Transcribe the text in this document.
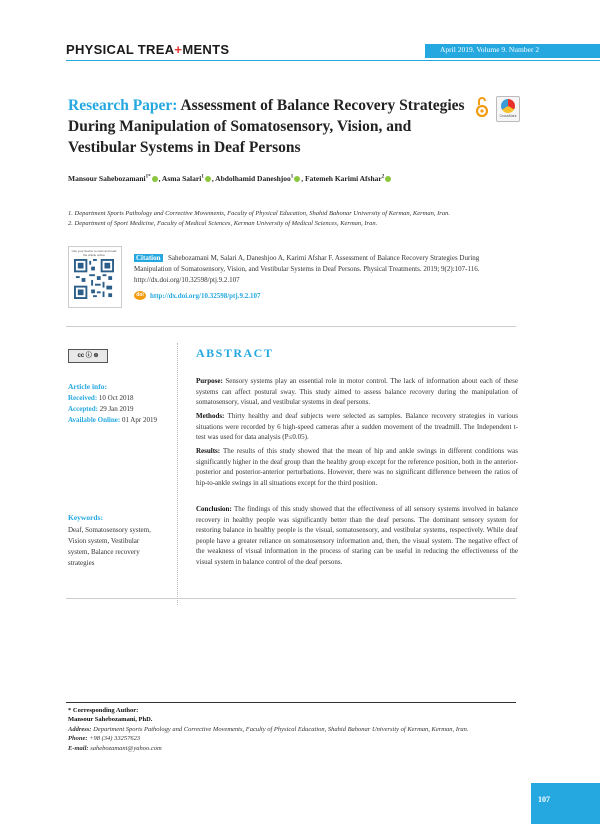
PHYSICAL TREA+MENTS	April 2019. Volume 9. Number 2
Research Paper: Assessment of Balance Recovery Strategies During Manipulation of Somatosensory, Vision, and Vestibular Systems in Deaf Persons
CrossMark
Mansour Sahebozamani$^{1*}$ , Asma Salari$^1$ , Abdolhamid Daneshjoo$^1$ , Fatemeh Karimi Afshar$^2$
1. Department Sports Pathology and Corrective Movements, Faculty of Physical Education, Shahid Bahonar University of Kerman, Kerman, Iran.
2. Department of Sport Medicine, Faculty of Medical Sciences, Kerman University of Medical Sciences, Kerman, Iran.
Use your device to scan and read the article online	Sahebozamani M, Salari A, Daneshjoo A, Karimi Afshar F. Assessment of Balance Recovery Strategies During Manipulation of Somatosensory, Vision, and Vestibular Systems in Deaf Persons. Physical Treatments. 2019; 9(2):107-116. http://dx.doi.org/10.32598/ptj.9.2.107
Citation
doi http://dx.doi.org/10.32598/ptj.9.2.107
cc ⓘ ⊜
Article info:
Received: 10 Oct 2018
Accepted: 29 Jan 2019
Available Online: 01 Apr 2019
Keywords:
Deaf, Somatosensory system, Vision system, Vestibular system, Balance recovery strategies
ABSTRACT
Purpose: Sensory systems play an essential role in motor control. The lack of information about each of these systems can affect postural sway. This study aimed to assess balance recovery during the manipulation of somatosensory, visual, and vestibular systems in deaf persons.
Methods: Thirty healthy and deaf subjects were selected as samples. Balance recovery strategies in various situations were recorded by 6 high-speed cameras after a sudden movement of the treadmill. The Independent t-test was used for data analysis (P≤0.05).
Results: The results of this study showed that the mean of hip and ankle swings in different conditions was significantly higher in the deaf group than the healthy group except for the reference position, both in the anterior-posterior and posterior-anterior perturbations. However, there was no significant difference between the ratios of hip-to-ankle swings in all situations except for the third position.
Conclusion: The findings of this study showed that the effectiveness of all sensory systems involved in balance recovery in healthy people was significantly better than the deaf persons. The dominant sensory system for restoring balance in healthy people is the visual, somatosensory, and vestibular systems, respectively. While deaf people have a greater reliance on somatosensory information and, then, the visual system. The negative effect of the weakness of visual information in the process of staring can be useful in reducing the effectiveness of the visual system in balance control of the deaf persons.
* Corresponding Author:
Mansour Sahebozamani, PhD.
Address: Department Sports Pathology and Corrective Movements, Faculty of Physical Education, Shahid Bahonar University of Kerman, Kerman, Iran.
Phone: +98 (34) 33257623
E-mail: sahebozamani@yahoo.com
107
